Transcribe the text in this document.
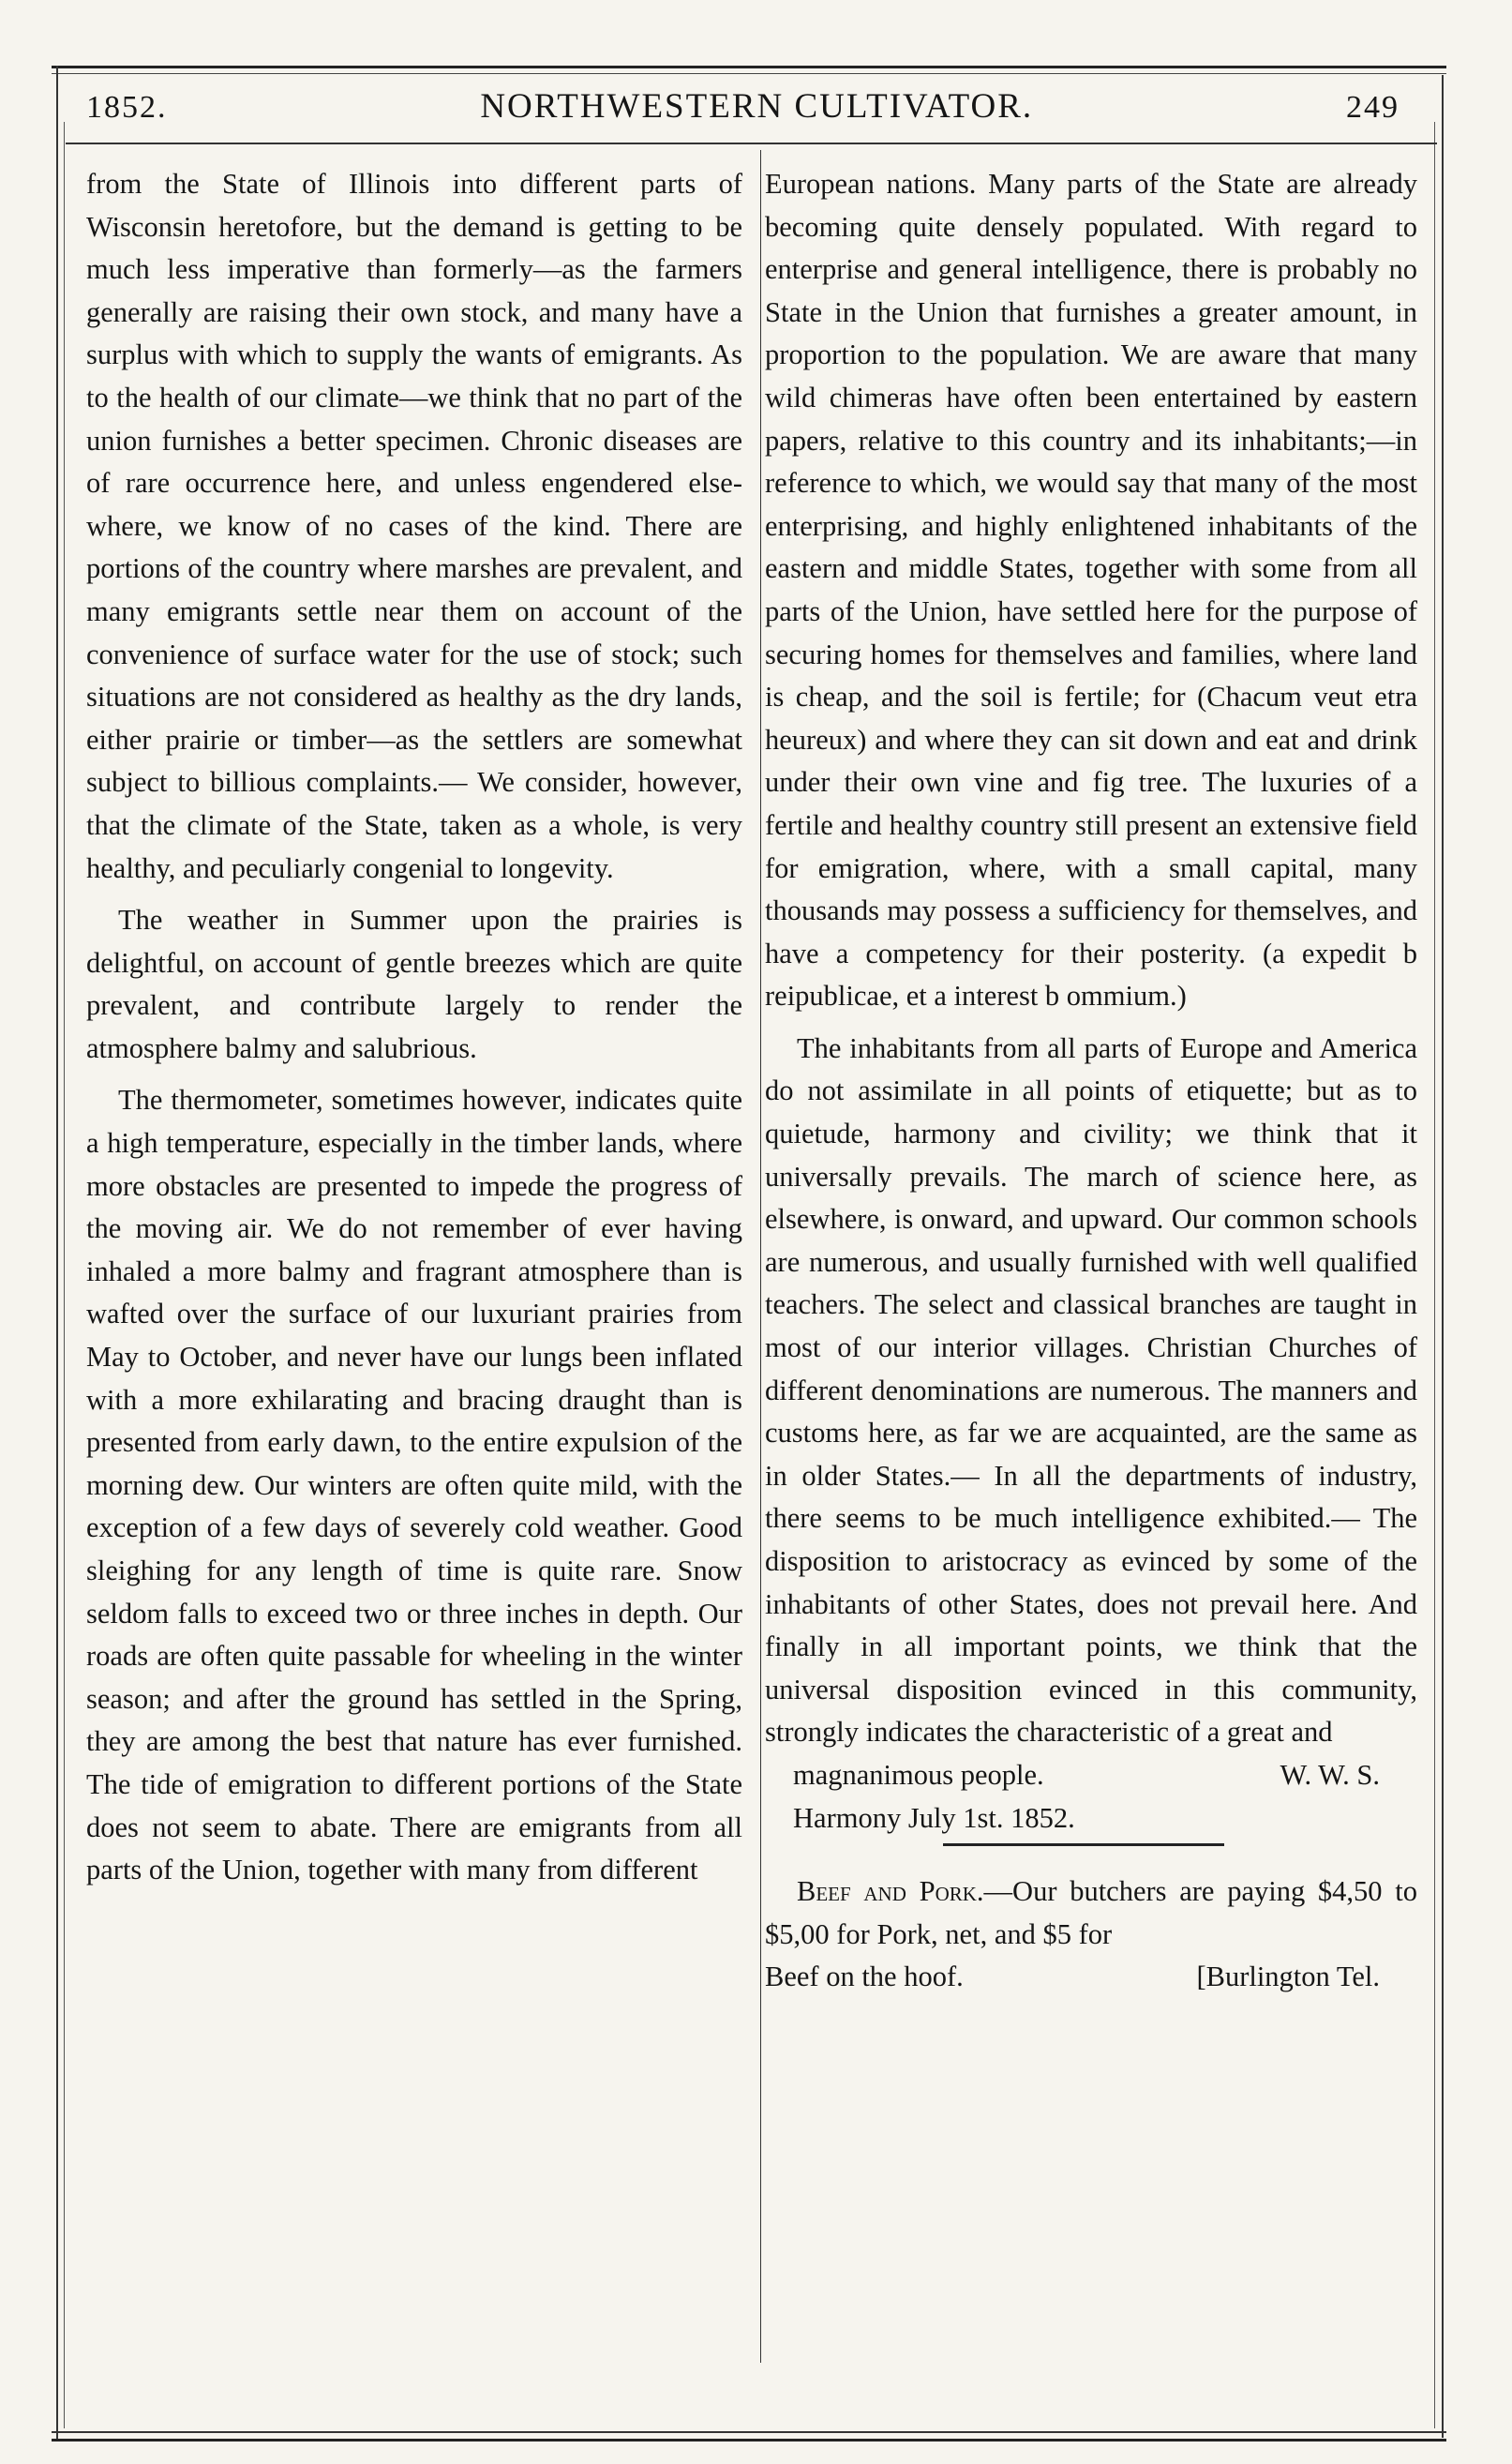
1852.	NORTHWESTERN CULTIVATOR.	249

from the State of Illinois into different parts of Wisconsin heretofore, but the demand is getting to be much less imperative than formerly—as the farmers generally are raising their own stock, and many have a surplus with which to supply the wants of emigrants. As to the health of our climate—we think that no part of the union furnishes a better specimen. Chronic diseases are of rare occurrence here, and unless engendered else-where, we know of no cases of the kind. There are portions of the country where marshes are prevalent, and many emigrants settle near them on account of the convenience of surface water for the use of stock; such situations are not considered as healthy as the dry lands, either prairie or timber—as the settlers are somewhat subject to billious complaints.— We consider, however, that the climate of the State, taken as a whole, is very healthy, and peculiarly congenial to longevity.

The weather in Summer upon the prairies is delightful, on account of gentle breezes which are quite prevalent, and contribute largely to render the atmosphere balmy and salubrious.

The thermometer, sometimes however, indicates quite a high temperature, especially in the timber lands, where more obstacles are presented to impede the progress of the moving air. We do not remember of ever having inhaled a more balmy and fragrant atmosphere than is wafted over the surface of our luxuriant prairies from May to October, and never have our lungs been inflated with a more exhilarating and bracing draught than is presented from early dawn, to the entire expulsion of the morning dew. Our winters are often quite mild, with the exception of a few days of severely cold weather. Good sleighing for any length of time is quite rare. Snow seldom falls to exceed two or three inches in depth. Our roads are often quite passable for wheeling in the winter season; and after the ground has settled in the Spring, they are among the best that nature has ever furnished. The tide of emigration to different portions of the State does not seem to abate. There are emigrants from all parts of the Union, together with many from different

European nations. Many parts of the State are already becoming quite densely populated. With regard to enterprise and general intelligence, there is probably no State in the Union that furnishes a greater amount, in proportion to the population. We are aware that many wild chimeras have often been entertained by eastern papers, relative to this country and its inhabitants;—in reference to which, we would say that many of the most enterprising, and highly enlightened inhabitants of the eastern and middle States, together with some from all parts of the Union, have settled here for the purpose of securing homes for themselves and families, where land is cheap, and the soil is fertile; for (Chacum veut etra heureux) and where they can sit down and eat and drink under their own vine and fig tree. The luxuries of a fertile and healthy country still present an extensive field for emigration, where, with a small capital, many thousands may possess a sufficiency for themselves, and have a competency for their posterity. (a expedit b reipublicae, et a interest b ommium.)

The inhabitants from all parts of Europe and America do not assimilate in all points of etiquette; but as to quietude, harmony and civility; we think that it universally prevails. The march of science here, as elsewhere, is onward, and upward. Our common schools are numerous, and usually furnished with well qualified teachers. The select and classical branches are taught in most of our interior villages. Christian Churches of different denominations are numerous. The manners and customs here, as far we are acquainted, are the same as in older States.— In all the departments of industry, there seems to be much intelligence exhibited.— The disposition to aristocracy as evinced by some of the inhabitants of other States, does not prevail here. And finally in all important points, we think that the universal disposition evinced in this community, strongly indicates the characteristic of a great and

magnanimous people.	W. W. S.
Harmony July 1st. 1852.

Beef and Pork.—Our butchers are paying $4,50 to $5,00 for Pork, net, and $5 for

Beef on the hoof.	[Burlington Tel.
